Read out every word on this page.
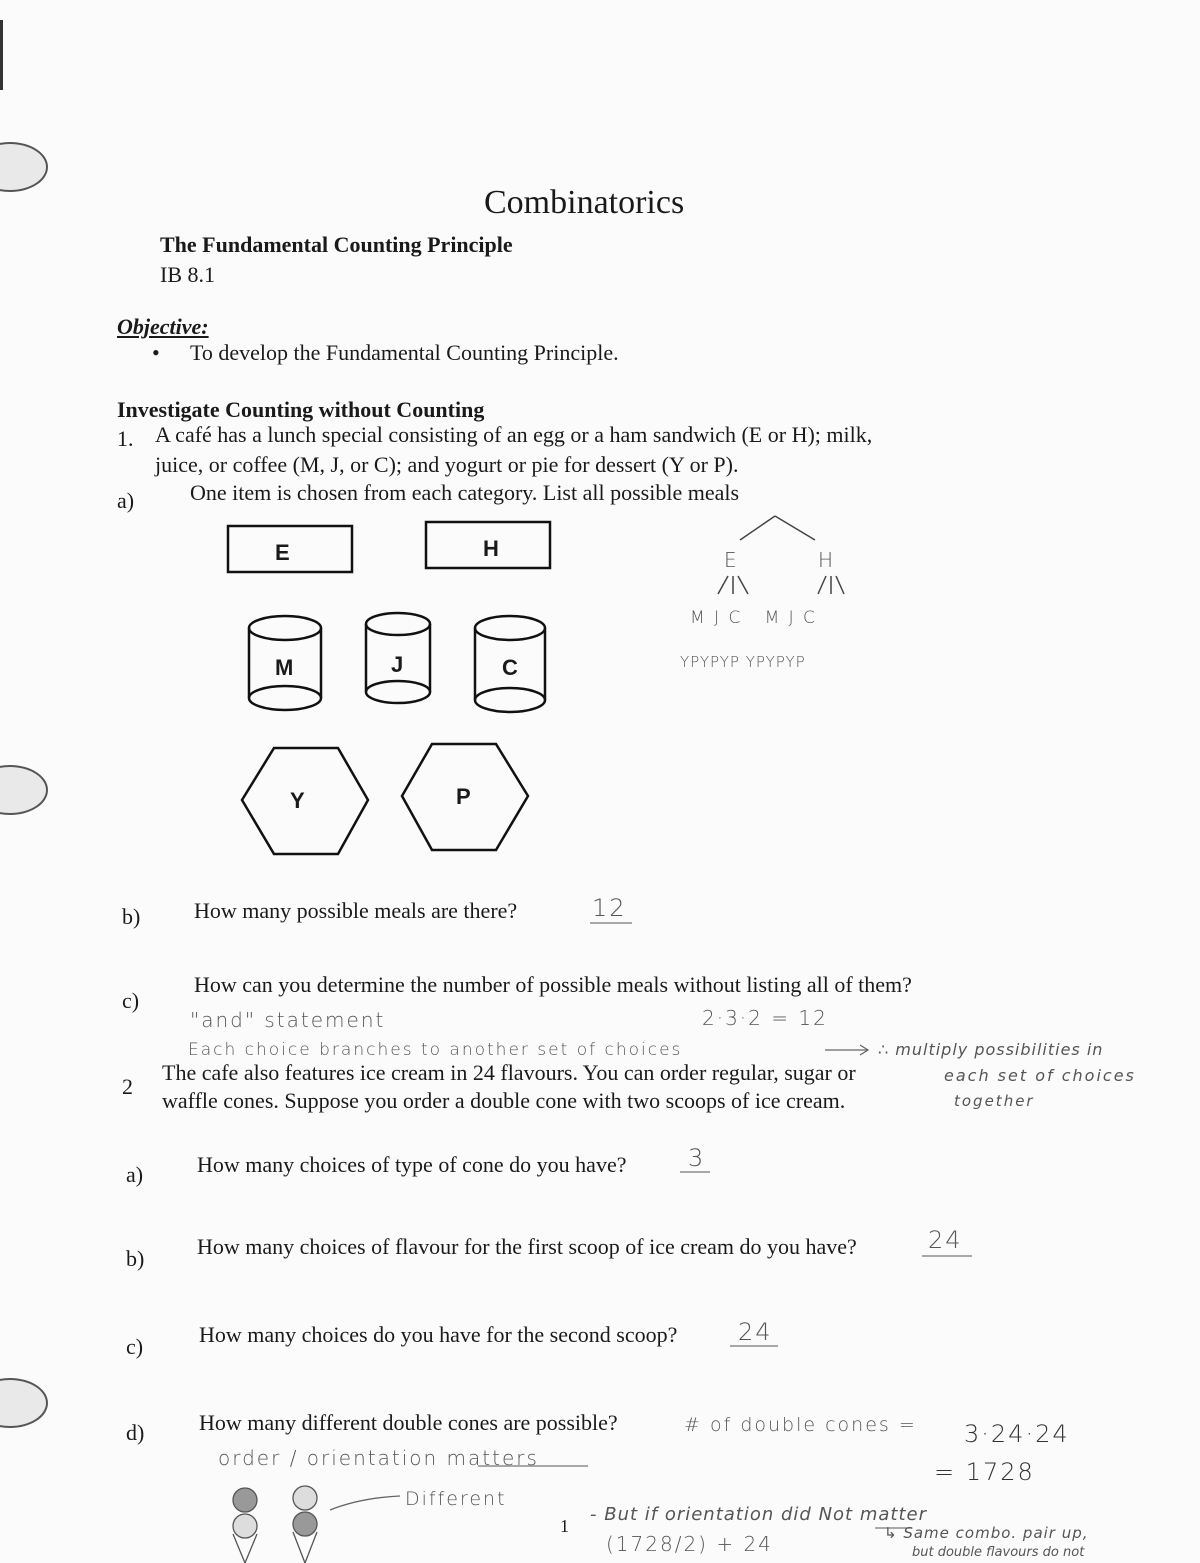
Combinatorics
The Fundamental Counting Principle
IB 8.1
Objective:
• To develop the Fundamental Counting Principle.
Investigate Counting without Counting
1. A café has a lunch special consisting of an egg or a ham sandwich (E or H); milk,
juice, or coffee (M, J, or C); and yogurt or pie for dessert (Y or P).
a)	One item is chosen from each category. List all possible meals
E	H
M	J	C
Y	P
E	H
M J C   M J C
YPYPYP YPYPYP
b) How many possible meals are there?	12
c)
How can you determine the number of possible meals without listing all of them?
"and" statement	2·3·2 = 12
Each choice branches to another set of choices	∴ multiply possibilities in
each set of choices
together
2
The cafe also features ice cream in 24 flavours. You can order regular, sugar or
waffle cones. Suppose you order a double cone with two scoops of ice cream.
a) How many choices of type of cone do you have?	3
b) How many choices of flavour for the first scoop of ice cream do you have?	24
c)	How many choices do you have for the second scoop?	24
d) How many different double cones are possible?	# of double cones = 3·24·24
= 1728
order / orientation matters
Different
- But if orientation did Not matter
(1728/2) + 24	↳ Same combo. pair up,
but double flavours do not
1
